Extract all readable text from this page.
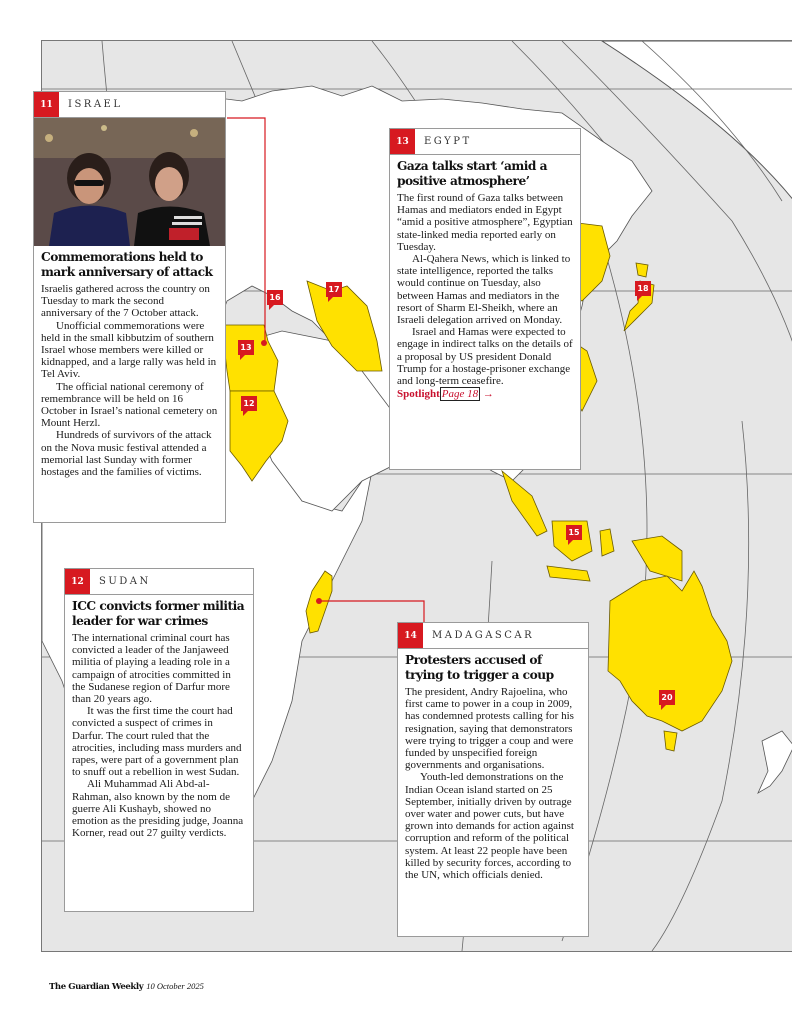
16
17
13
12
18
15
20
11	ISRAEL
Commemorations held to mark anniversary of attack

Israelis gathered across the country on Tuesday to mark the second anniversary of the 7 October attack.

Unofficial commemorations were held in the small kibbutzim of southern Israel whose members were killed or kidnapped, and a large rally was held in Tel Aviv.

The official national ceremony of remembrance will be held on 16 October in Israel’s national cemetery on Mount Herzl.

Hundreds of survivors of the attack on the Nova music festival attended a memorial last Sunday with former hostages and the families of victims.

13	EGYPT
Gaza talks start ‘amid a positive atmosphere’

The first round of Gaza talks between Hamas and mediators ended in Egypt “amid a positive atmosphere”, Egyptian state-linked media reported early on Tuesday.

Al-Qahera News, which is linked to state intelligence, reported the talks would continue on Tuesday, also between Hamas and mediators in the resort of Sharm El-Sheikh, where an Israeli delegation arrived on Monday.

Israel and Hamas were expected to engage in indirect talks on the details of a proposal by US president Donald Trump for a hostage-prisoner exchange and long-term ceasefire.

Spotlight Page 18 →
12	SUDAN
ICC convicts former militia leader for war crimes

The international criminal court has convicted a leader of the Janjaweed militia of playing a leading role in a campaign of atrocities committed in the Sudanese region of Darfur more than 20 years ago.

It was the first time the court had convicted a suspect of crimes in Darfur. The court ruled that the atrocities, including mass murders and rapes, were part of a government plan to snuff out a rebellion in west Sudan.

Ali Muhammad Ali Abd-al-Rahman, also known by the nom de guerre Ali Kushayb, showed no emotion as the presiding judge, Joanna Korner, read out 27 guilty verdicts.

14	MADAGASCAR
Protesters accused of trying to trigger a coup

The president, Andry Rajoelina, who first came to power in a coup in 2009, has condemned protests calling for his resignation, saying that demonstrators were trying to trigger a coup and were funded by unspecified foreign governments and organisations.

Youth-led demonstrations on the Indian Ocean island started on 25 September, initially driven by outrage over water and power cuts, but have grown into demands for action against corruption and reform of the political system. At least 22 people have been killed by security forces, according to the UN, which officials denied.

The Guardian Weekly 10 October 2025
